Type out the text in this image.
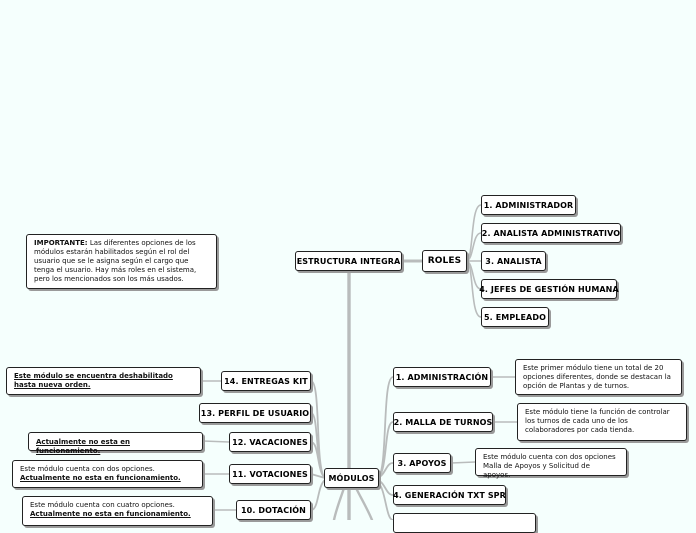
ESTRUCTURA INTEGRA	ROLES
1. ADMINISTRADOR
2. ANALISTA ADMINISTRATIVO
3. ANALISTA
4. JEFES DE GESTIÓN HUMANA
5. EMPLEADO
IMPORTANTE: Las diferentes opciones de los módulos estarán habilitados según el rol del usuario que se le asigna según el cargo que tenga el usuario. Hay más roles en el sistema, pero los mencionados son los más usados.
MÓDULOS
1. ADMINISTRACIÓN
2. MALLA DE TURNOS
3. APOYOS
4. GENERACIÓN TXT SPR
Este primer módulo tiene un total de 20 opciones diferentes, donde se destacan la opción de Plantas y de turnos.
Este módulo tiene la función de controlar los turnos de cada uno de los colaboradores por cada tienda.
Este módulo cuenta con dos opciones Malla de Apoyos y Solicitud de apoyos.
14. ENTREGAS KIT
13. PERFIL DE USUARIO
12. VACACIONES
11. VOTACIONES
10. DOTACIÓN
Este módulo se encuentra deshabilitado hasta nueva orden.
Actualmente no esta en funcionamiento.
Este módulo cuenta con dos opciones.
Actualmente no esta en funcionamiento.
Este módulo cuenta con cuatro opciones.
Actualmente no esta en funcionamiento.
